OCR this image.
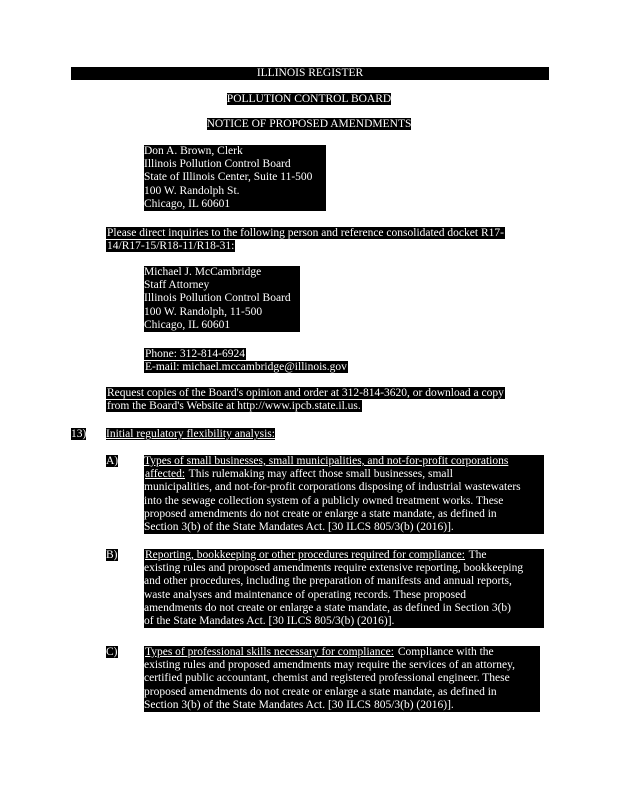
ILLINOIS REGISTER
POLLUTION CONTROL BOARD
NOTICE OF PROPOSED AMENDMENTS
Don A. Brown, Clerk
Illinois Pollution Control Board
State of Illinois Center, Suite 11-500
100 W. Randolph St.
Chicago, IL 60601
Please direct inquiries to the following person and reference consolidated docket R17-
14/R17-15/R18-11/R18-31:
Michael J. McCambridge
Staff Attorney
Illinois Pollution Control Board
100 W. Randolph, 11-500
Chicago, IL 60601
Phone: 312-814-6924
E-mail: michael.mccambridge@illinois.gov
Request copies of the Board's opinion and order at 312-814-3620, or download a copy
from the Board's Website at http://www.ipcb.state.il.us.
13) Initial regulatory flexibility analysis:
A) Types of small businesses, small municipalities, and not-for-profit corporations
affected: This rulemaking may affect those small businesses, small
municipalities, and not-for-profit corporations disposing of industrial wastewaters
into the sewage collection system of a publicly owned treatment works. These
proposed amendments do not create or enlarge a state mandate, as defined in
Section 3(b) of the State Mandates Act. [30 ILCS 805/3(b) (2016)].
B) Reporting, bookkeeping or other procedures required for compliance: The
existing rules and proposed amendments require extensive reporting, bookkeeping
and other procedures, including the preparation of manifests and annual reports,
waste analyses and maintenance of operating records. These proposed
amendments do not create or enlarge a state mandate, as defined in Section 3(b)
of the State Mandates Act. [30 ILCS 805/3(b) (2016)].
C) Types of professional skills necessary for compliance: Compliance with the
existing rules and proposed amendments may require the services of an attorney,
certified public accountant, chemist and registered professional engineer. These
proposed amendments do not create or enlarge a state mandate, as defined in
Section 3(b) of the State Mandates Act. [30 ILCS 805/3(b) (2016)].
